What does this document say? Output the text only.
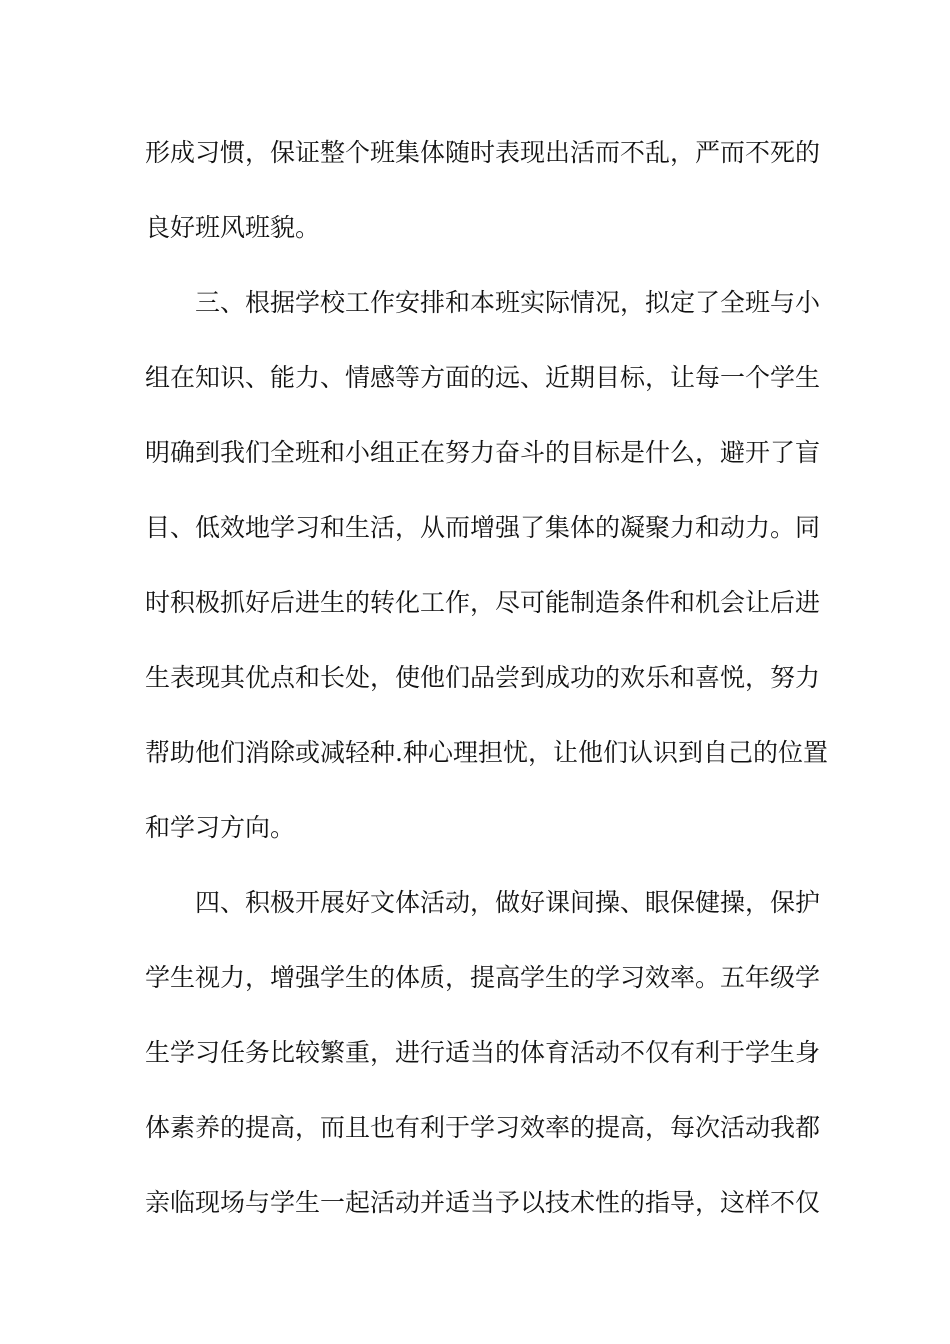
形成习惯，保证整个班集体随时表现出活而不乱，严而不死的
良好班风班貌。
三、根据学校工作安排和本班实际情况，拟定了全班与小
组在知识、能力、情感等方面的远、近期目标，让每一个学生
明确到我们全班和小组正在努力奋斗的目标是什么，避开了盲
目、低效地学习和生活，从而增强了集体的凝聚力和动力。同
时积极抓好后进生的转化工作，尽可能制造条件和机会让后进
生表现其优点和长处，使他们品尝到成功的欢乐和喜悦，努力
帮助他们消除或减轻种.种心理担忧，让他们认识到自己的位置
和学习方向。
四、积极开展好文体活动，做好课间操、眼保健操，保护
学生视力，增强学生的体质，提高学生的学习效率。五年级学
生学习任务比较繁重，进行适当的体育活动不仅有利于学生身
体素养的提高，而且也有利于学习效率的提高，每次活动我都
亲临现场与学生一起活动并适当予以技术性的指导，这样不仅
